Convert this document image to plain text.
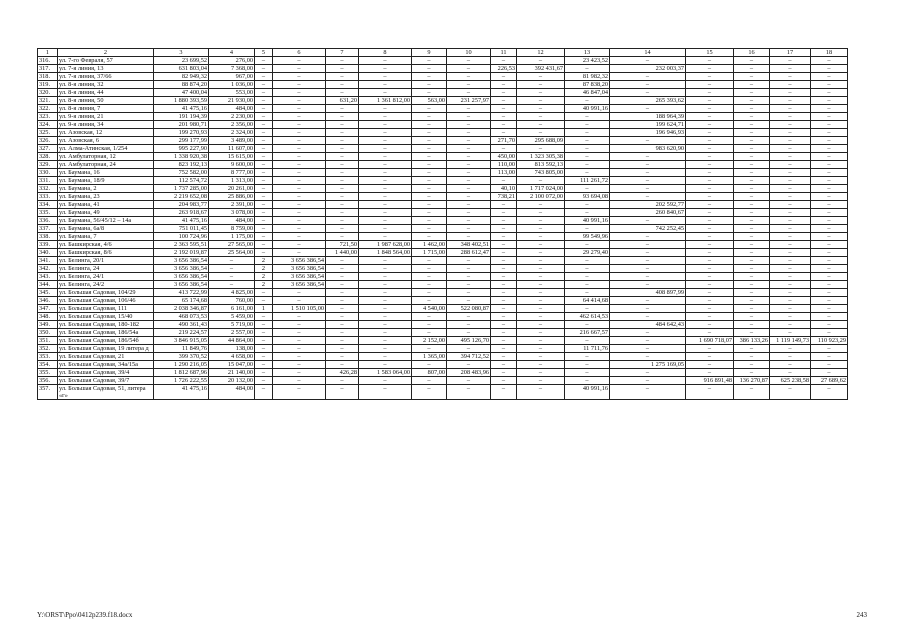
1	2	3	4	5	6	7	8	9	10	11	12	13	14	15	16	17	18
316.	ул. 7-го Февраля, 57	23 699,52	276,00	–	–	–	–	–	–	–	–	23 423,52	–	–	–	–	–
317.	ул. 7-я линия, 13	631 803,04	7 368,00	–	–	–	–	–	–	226,53	392 431,67	–	232 003,37	–	–	–	–
318.	ул. 7-я линия, 37/66	82 949,32	967,00	–	–	–	–	–	–	–	–	81 982,32	–	–	–	–	–
319.	ул. 8-я линия, 32	88 874,20	1 036,00	–	–	–	–	–	–	–	–	87 838,20	–	–	–	–	–
320.	ул. 8-я линия, 44	47 400,04	553,00	–	–	–	–	–	–	–	–	46 847,04	–	–	–	–	–
321.	ул. 8-я линия, 50	1 880 393,59	21 930,00	–	–	631,20	1 361 812,00	563,00	231 257,97	–	–	–	265 393,62	–	–	–	–
322.	ул. 8-я линия, 7	41 475,16	484,00	–	–	–	–	–	–	–	–	40 991,16	–	–	–	–	–
323.	ул. 9-я линия, 21	191 194,39	2 230,00	–	–	–	–	–	–	–	–	–	188 964,39	–	–	–	–
324.	ул. 9-я линия, 34	201 980,71	2 356,00	–	–	–	–	–	–	–	–	–	199 624,71	–	–	–	–
325.	ул. Азовская, 12	199 270,93	2 324,00	–	–	–	–	–	–	–	–	–	196 946,93	–	–	–	–
326.	ул. Азовская, 6	299 177,99	3 489,00	–	–	–	–	–	–	271,70	295 688,09	–	–	–	–	–	–
327.	ул. Алма-Атинская, 1/254	995 227,90	11 607,00	–	–	–	–	–	–	–	–	–	983 620,90	–	–	–	–
328.	ул. Амбулаторная, 12	1 338 920,38	15 615,00	–	–	–	–	–	–	450,00	1 323 305,38	–	–	–	–	–	–
329.	ул. Амбулаторная, 24	823 192,13	9 600,00	–	–	–	–	–	–	110,00	813 592,13	–	–	–	–	–	–
330.	ул. Баумана, 16	752 582,00	8 777,00	–	–	–	–	–	–	113,00	743 805,00	–	–	–	–	–	–
331.	ул. Баумана, 18/9	112 574,72	1 313,00	–	–	–	–	–	–	–	–	111 261,72	–	–	–	–	–
332.	ул. Баумана, 2	1 737 285,00	20 261,00	–	–	–	–	–	–	40,10	1 717 024,00	–	–	–	–	–	–
333.	ул. Баумана, 23	2 219 652,08	25 886,00	–	–	–	–	–	–	738,21	2 100 072,00	93 694,08	–	–	–	–	–
334.	ул. Баумана, 41	204 983,77	2 391,00	–	–	–	–	–	–	–	–	–	202 592,77	–	–	–	–
335.	ул. Баумана, 49	263 918,67	3 078,00	–	–	–	–	–	–	–	–	–	260 840,67	–	–	–	–
336.	ул. Баумана, 56/45/12 – 14а	41 475,16	484,00	–	–	–	–	–	–	–	–	40 991,16	–	–	–	–	–
337.	ул. Баумана, 6а/8	751 011,45	8 759,00	–	–	–	–	–	–	–	–	–	742 252,45	–	–	–	–
338.	ул. Баумана, 7	100 724,96	1 175,00	–	–	–	–	–	–	–	–	99 549,96	–	–	–	–	–
339.	ул. Башкирская, 4/6	2 363 595,51	27 565,00	–	–	721,50	1 987 628,00	1 462,00	348 402,51	–	–	–	–	–	–	–	–
340.	ул. Башкирская, 8/6	2 192 019,87	25 564,00	–	–	1 440,00	1 848 564,00	1 715,00	288 612,47	–	–	29 279,40	–	–	–	–	–
341.	ул. Белинга, 20/1	3 656 386,54	–	2	3 656 386,54	–	–	–	–	–	–	–	–	–	–	–	–
342.	ул. Белинга, 24	3 656 386,54	–	2	3 656 386,54	–	–	–	–	–	–	–	–	–	–	–	–
343.	ул. Белинга, 24/1	3 656 386,54	–	2	3 656 386,54	–	–	–	–	–	–	–	–	–	–	–	–
344.	ул. Белинга, 24/2	3 656 386,54	–	2	3 656 386,54	–	–	–	–	–	–	–	–	–	–	–	–
345.	ул. Большая Садовая, 104/29	413 722,99	4 825,00	–	–	–	–	–	–	–	–	–	408 897,99	–	–	–	–
346.	ул. Большая Садовая, 106/46	65 174,68	760,00	–	–	–	–	–	–	–	–	64 414,68	–	–	–	–	–
347.	ул. Большая Садовая, 111	2 038 346,87	6 161,00	1	1 510 105,00	–	–	4 540,00	522 080,87	–	–	–	–	–	–	–	–
348.	ул. Большая Садовая, 15/40	468 073,53	5 459,00	–	–	–	–	–	–	–	–	462 614,53	–	–	–	–	–
349.	ул. Большая Садовая, 180-182	490 361,43	5 719,00	–	–	–	–	–	–	–	–	–	484 642,43	–	–	–	–
350.	ул. Большая Садовая, 186/54а	219 224,57	2 557,00	–	–	–	–	–	–	–	–	216 667,57	–	–	–	–	–
351.	ул. Большая Садовая, 186/54б	3 846 915,05	44 864,00	–	–	–	–	2 152,00	495 126,70	–	–	–	–	1 690 718,07	386 133,26	1 119 149,73	110 923,29
352.	ул. Большая Садовая, 19 литера д	11 849,76	138,00	–	–	–	–	–	–	–	–	11 711,76	–	–	–	–	–
353.	ул. Большая Садовая, 21	399 370,52	4 658,00	–	–	–	–	1 365,00	394 712,52	–	–	–	–	–	–	–	–
354.	ул. Большая Садовая, 34а/15а	1 290 216,05	15 047,00	–	–	–	–	–	–	–	–	–	1 275 169,05	–	–	–	–
355.	ул. Большая Садовая, 39/4	1 812 687,96	21 140,00	–	–	426,28	1 583 064,00	807,00	208 483,96	–	–	–	–	–	–	–	–
356.	ул. Большая Садовая, 39/7	1 726 222,55	20 132,00	–	–	–	–	–	–	–	–	–	–	916 891,48	136 270,87	625 238,58	27 689,62
357.	ул. Большая Садовая, 51, литера «г»	41 475,16	484,00	–	–	–	–	–	–	–	–	40 991,16	–	–	–	–	–
Y:\ORST\Ppo\0412p239.f18.docx	243
